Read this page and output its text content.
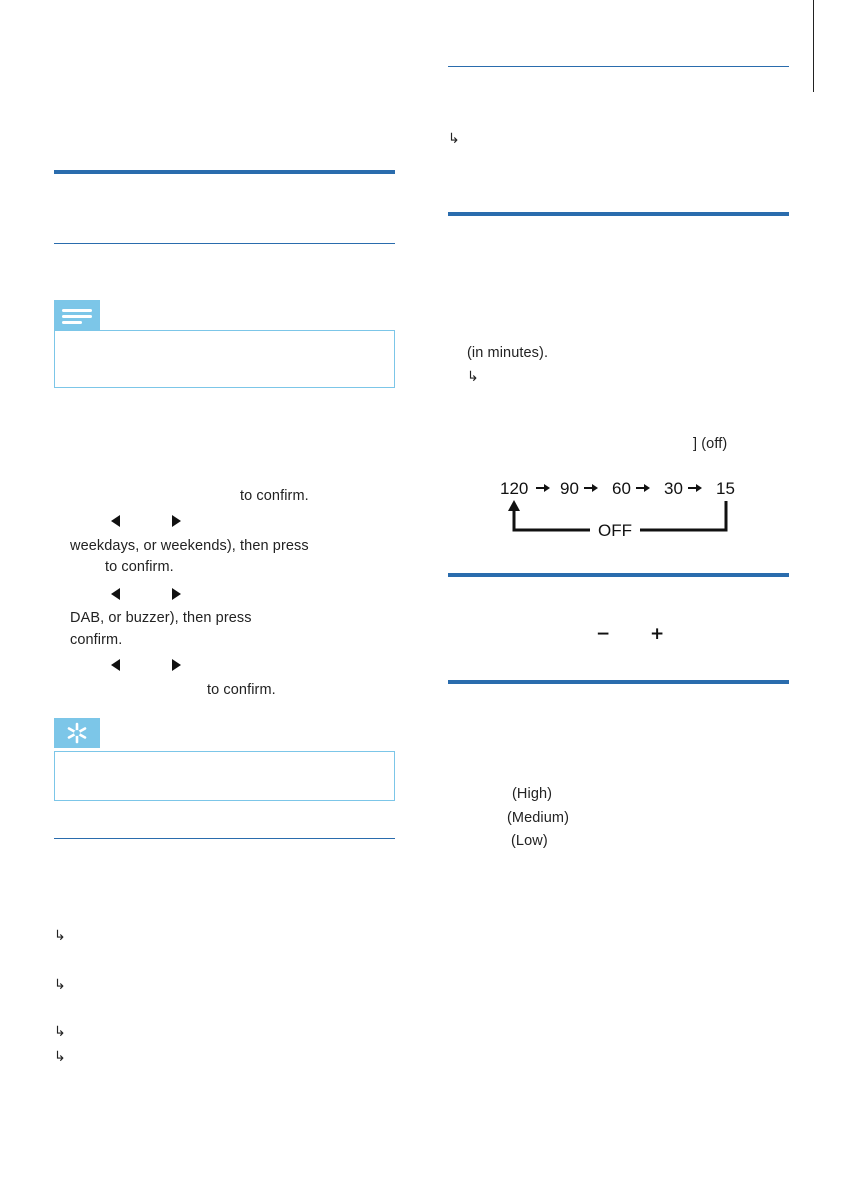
to confirm.
weekdays, or weekends), then press
to confirm.
DAB, or buzzer), then press
confirm.
to confirm.
↳
↳
↳
↳
↳
(in minutes).
↳
] (off)
120 90 60 30 15
OFF
− +
(High)
(Medium)
(Low)
